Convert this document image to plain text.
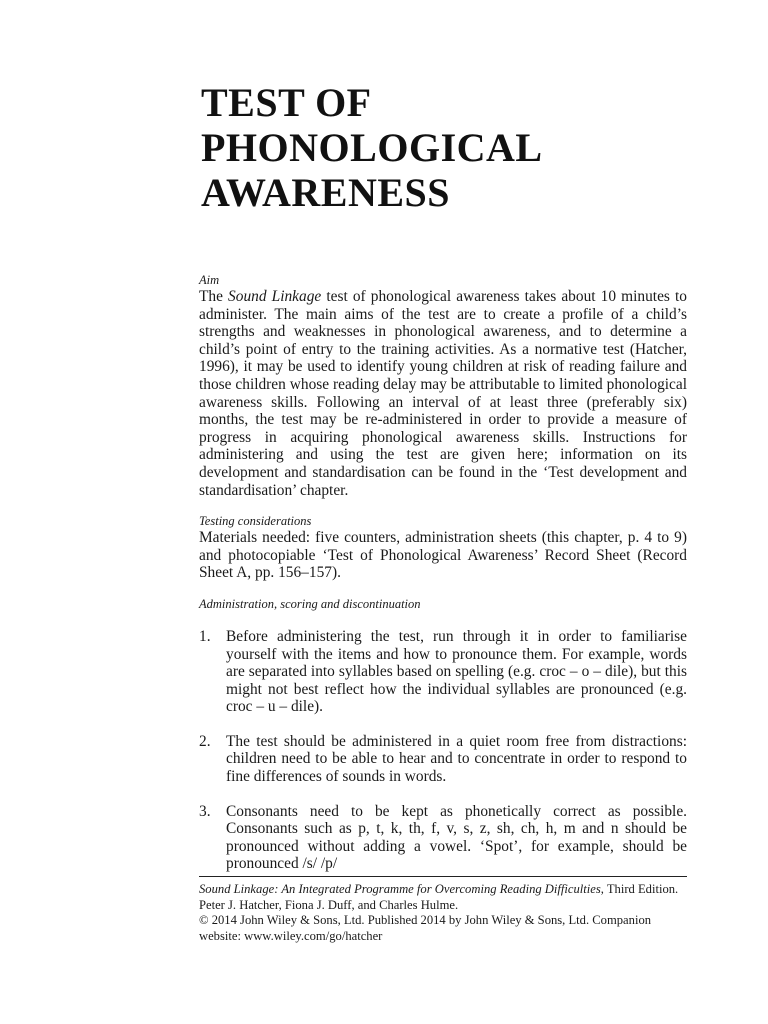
TEST OF
PHONOLOGICAL
AWARENESS

Aim

The Sound Linkage test of phonological awareness takes about 10 minutes to administer. The main aims of the test are to create a profile of a child’s strengths and weaknesses in phonological awareness, and to determine a child’s point of entry to the training activities. As a normative test (Hatcher, 1996), it may be used to identify young children at risk of reading failure and those children whose reading delay may be attributable to limited phonological awareness skills. Following an interval of at least three (preferably six) months, the test may be re-administered in order to provide a measure of progress in acquiring phonological awareness skills. Instructions for administering and using the test are given here; information on its development and standardisation can be found in the ‘Test development and standardisation’ chapter.

Testing considerations

Materials needed: five counters, administration sheets (this chapter, p. 4 to 9) and photocopiable ‘Test of Phonological Awareness’ Record Sheet (Record Sheet A, pp. 156–157).

Administration, scoring and discontinuation

1. Before administering the test, run through it in order to familiarise yourself with the items and how to pronounce them. For example, words are separated into syllables based on spelling (e.g. croc – o – dile), but this might not best reflect how the individual syllables are pronounced (e.g. croc – u – dile).
2. The test should be administered in a quiet room free from distractions: children need to be able to hear and to concentrate in order to respond to fine differences of sounds in words.
3. Consonants need to be kept as phonetically correct as possible. Consonants such as p, t, k, th, f, v, s, z, sh, ch, h, m and n should be pronounced without adding a vowel. ‘Spot’, for example, should be pronounced /s/ /p/

Sound Linkage: An Integrated Programme for Overcoming Reading Difficulties, Third Edition.

Peter J. Hatcher, Fiona J. Duff, and Charles Hulme.

© 2014 John Wiley & Sons, Ltd. Published 2014 by John Wiley & Sons, Ltd. Companion website: www.wiley.com/go/hatcher
